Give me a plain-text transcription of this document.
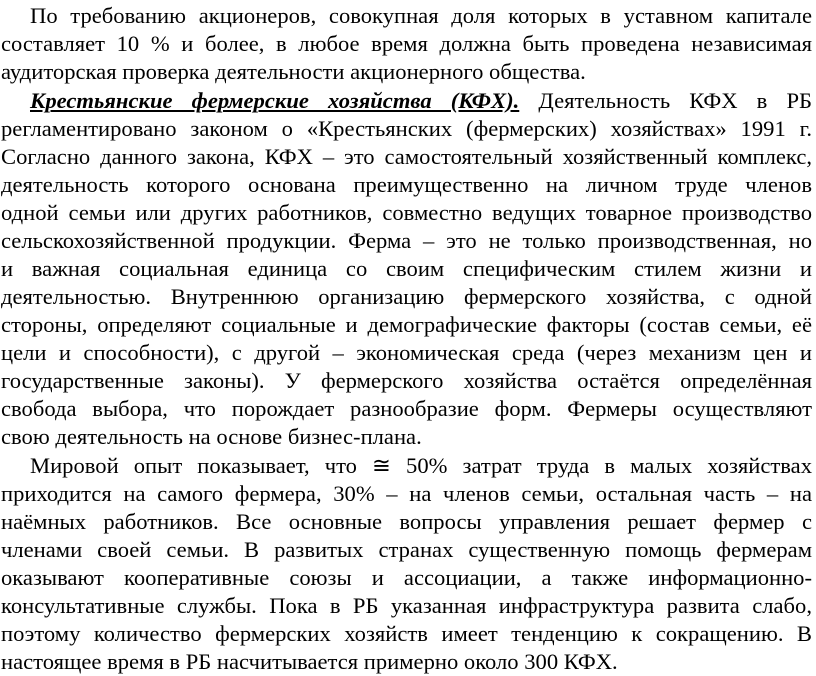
По требованию акционеров, совокупная доля которых в уставном капитале
составляет 10 % и более, в любое время должна быть проведена независимая
аудиторская проверка деятельности акционерного общества.
Крестьянские фермерские хозяйства (КФХ). Деятельность КФХ в РБ
регламентировано законом о «Крестьянских (фермерских) хозяйствах» 1991 г.
Согласно данного закона, КФХ – это самостоятельный хозяйственный комплекс,
деятельность которого основана преимущественно на личном труде членов
одной семьи или других работников, совместно ведущих товарное производство
сельскохозяйственной продукции. Ферма – это не только производственная, но
и важная социальная единица со своим специфическим стилем жизни и
деятельностью. Внутреннюю организацию фермерского хозяйства, с одной
стороны, определяют социальные и демографические факторы (состав семьи, её
цели и способности), с другой – экономическая среда (через механизм цен и
государственные законы). У фермерского хозяйства остаётся определённая
свобода выбора, что порождает разнообразие форм. Фермеры осуществляют
свою деятельность на основе бизнес-плана.
Мировой опыт показывает, что ≅ 50% затрат труда в малых хозяйствах
приходится на самого фермера, 30% – на членов семьи, остальная часть – на
наёмных работников. Все основные вопросы управления решает фермер с
членами своей семьи. В развитых странах существенную помощь фермерам
оказывают кооперативные союзы и ассоциации, а также информационно-
консультативные службы. Пока в РБ указанная инфраструктура развита слабо,
поэтому количество фермерских хозяйств имеет тенденцию к сокращению. В
настоящее время в РБ насчитывается примерно около 300 КФХ.
